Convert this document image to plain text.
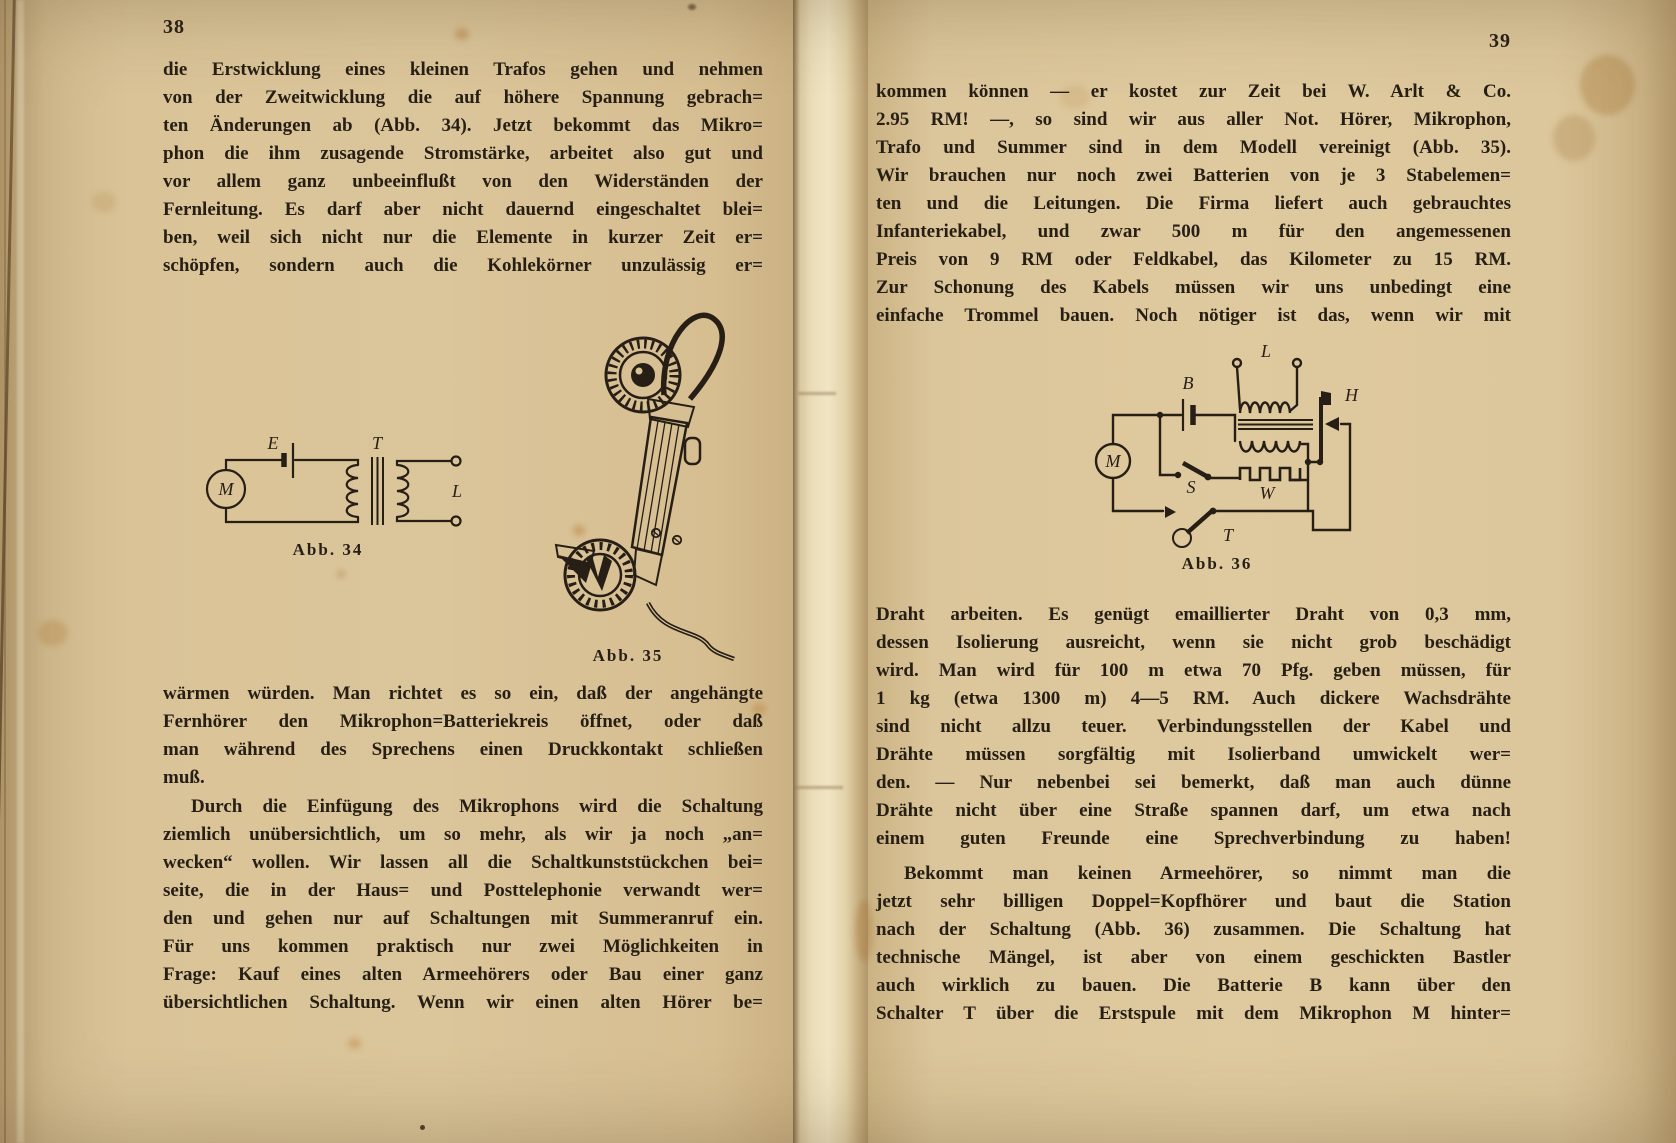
38
die Erstwicklung eines kleinen Trafos gehen und nehmen
von der Zweitwicklung die auf höhere Spannung gebrach=
ten Änderungen ab (Abb. 34). Jetzt bekommt das Mikro=
phon die ihm zusagende Stromstärke, arbeitet also gut und
vor allem ganz unbeeinflußt von den Widerständen der
Fernleitung. Es darf aber nicht dauernd eingeschaltet blei=
ben, weil sich nicht nur die Elemente in kurzer Zeit er=
schöpfen, sondern auch die Kohlekörner unzulässig er=
M
E	T
L
Abb. 34
Abb. 35
wärmen würden. Man richtet es so ein, daß der angehängte
Fernhörer den Mikrophon=Batteriekreis öffnet, oder daß
man während des Sprechens einen Druckkontakt schließen
muß.
Durch die Einfügung des Mikrophons wird die Schaltung
ziemlich unübersichtlich, um so mehr, als wir ja noch „an=
wecken“ wollen. Wir lassen all die Schaltkunststückchen bei=
seite, die in der Haus= und Posttelephonie verwandt wer=
den und gehen nur auf Schaltungen mit Summeranruf ein.
Für uns kommen praktisch nur zwei Möglichkeiten in
Frage: Kauf eines alten Armeehörers oder Bau einer ganz
übersichtlichen Schaltung. Wenn wir einen alten Hörer be=
39
kommen können — er kostet zur Zeit bei W. Arlt & Co.
2.95 RM! —, so sind wir aus aller Not. Hörer, Mikrophon,
Trafo und Summer sind in dem Modell vereinigt (Abb. 35).
Wir brauchen nur noch zwei Batterien von je 3 Stabelemen=
ten und die Leitungen. Die Firma liefert auch gebrauchtes
Infanteriekabel, und zwar 500 m für den angemessenen
Preis von 9 RM oder Feldkabel, das Kilometer zu 15 RM.
Zur Schonung des Kabels müssen wir uns unbedingt eine
einfache Trommel bauen. Noch nötiger ist das, wenn wir mit
M
B
L
H
S	W
T
Abb. 36
Draht arbeiten. Es genügt emaillierter Draht von 0,3 mm,
dessen Isolierung ausreicht, wenn sie nicht grob beschädigt
wird. Man wird für 100 m etwa 70 Pfg. geben müssen, für
1 kg (etwa 1300 m) 4—5 RM. Auch dickere Wachsdrähte
sind nicht allzu teuer. Verbindungsstellen der Kabel und
Drähte müssen sorgfältig mit Isolierband umwickelt wer=
den. — Nur nebenbei sei bemerkt, daß man auch dünne
Drähte nicht über eine Straße spannen darf, um etwa nach
einem guten Freunde eine Sprechverbindung zu haben!
Bekommt man keinen Armeehörer, so nimmt man die
jetzt sehr billigen Doppel=Kopfhörer und baut die Station
nach der Schaltung (Abb. 36) zusammen. Die Schaltung hat
technische Mängel, ist aber von einem geschickten Bastler
auch wirklich zu bauen. Die Batterie B kann über den
Schalter T über die Erstspule mit dem Mikrophon M hinter=
